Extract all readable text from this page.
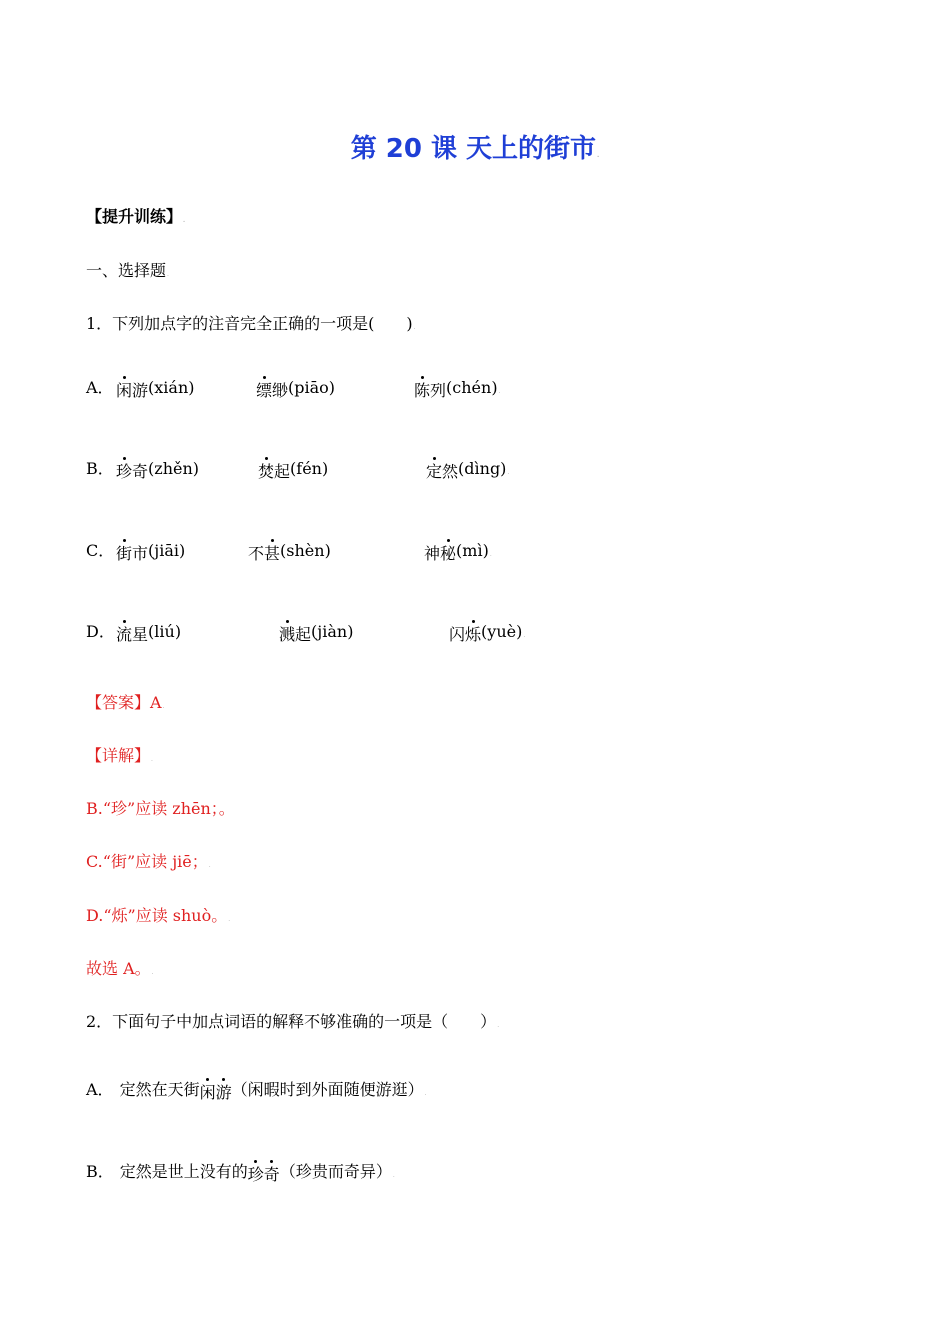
第 20 课 天上的街市.
【提升训练】.
一、选择题.
1．下列加点字的注音完全正确的一项是(　　).
A． 闲游(xián)	缥缈(piāo)	陈列(chén).
B． 珍奇(zhěn)	焚起(fén)	定然(dìng).
C． 街市(jiāi)	不甚(shèn)	神秘(mì).
D． 流星(liú)	溅起(jiàn)	闪烁(yuè).
【答案】A.
【详解】.
B.“珍”应读 zhēn；。
C.“街”应读 jiē；.
D.“烁”应读 shuò。.
故选 A。.
2．下面句子中加点词语的解释不够准确的一项是（　　）.
A． 定然在天街闲游（闲暇时到外面随便游逛）.
B． 定然是世上没有的珍奇（珍贵而奇异）.
